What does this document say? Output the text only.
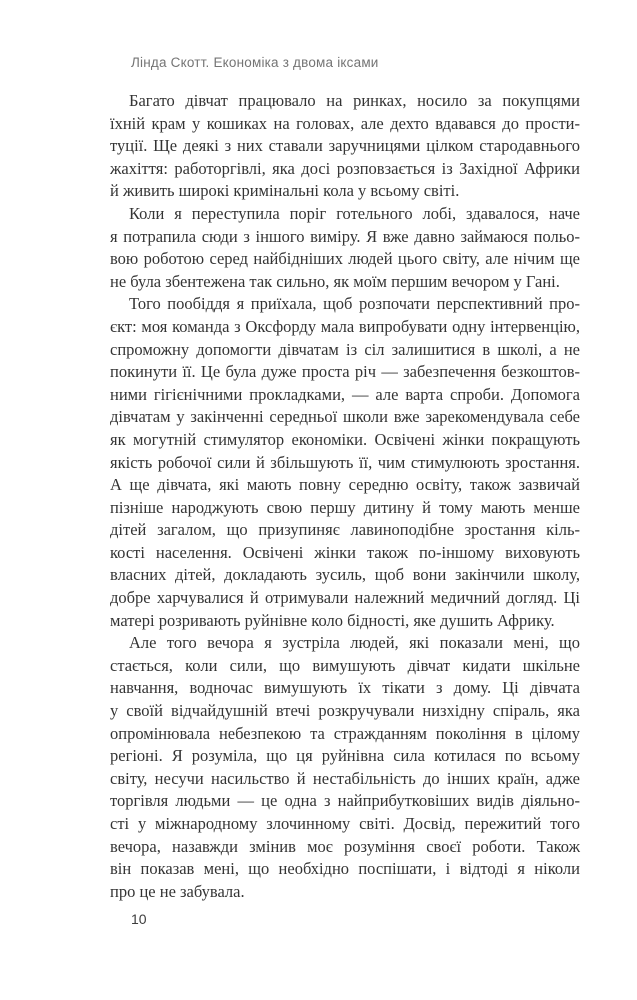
Лінда Скотт. Економіка з двома іксами
Багато дівчат працювало на ринках, носило за покупцями
їхній крам у кошиках на головах, але дехто вдавався до прости-
туції. Ще деякі з них ставали заручницями цілком стародавнього
жахіття: работоргівлі, яка досі розповзається із Західної Африки
й живить широкі кримінальні кола у всьому світі.
Коли я переступила поріг готельного лобі, здавалося, наче
я потрапила сюди з іншого виміру. Я вже давно займаюся польо-
вою роботою серед найбідніших людей цього світу, але нічим ще
не була збентежена так сильно, як моїм першим вечором у Гані.
Того пообіддя я приїхала, щоб розпочати перспективний про-
єкт: моя команда з Оксфорду мала випробувати одну інтервенцію,
спроможну допомогти дівчатам із сіл залишитися в школі, а не
покинути її. Це була дуже проста річ — забезпечення безкоштов-
ними гігієнічними прокладками, — але варта спроби. Допомога
дівчатам у закінченні середньої школи вже зарекомендувала себе
як могутній стимулятор економіки. Освічені жінки покращують
якість робочої сили й збільшують її, чим стимулюють зростання.
А ще дівчата, які мають повну середню освіту, також зазвичай
пізніше народжують свою першу дитину й тому мають менше
дітей загалом, що призупиняє лавиноподібне зростання кіль-
кості населення. Освічені жінки також по-іншому виховують
власних дітей, докладають зусиль, щоб вони закінчили школу,
добре харчувалися й отримували належний медичний догляд. Ці
матері розривають руйнівне коло бідності, яке душить Африку.
Але того вечора я зустріла людей, які показали мені, що
стається, коли сили, що вимушують дівчат кидати шкільне
навчання, водночас вимушують їх тікати з дому. Ці дівчата
у своїй відчайдушній втечі розкручували низхідну спіраль, яка
опромінювала небезпекою та стражданням покоління в цілому
регіоні. Я розуміла, що ця руйнівна сила котилася по всьому
світу, несучи насильство й нестабільність до інших країн, адже
торгівля людьми — це одна з найприбутковіших видів діяльно-
сті у міжнародному злочинному світі. Досвід, пережитий того
вечора, назавжди змінив моє розуміння своєї роботи. Також
він показав мені, що необхідно поспішати, і відтоді я ніколи
про це не забувала.
10
